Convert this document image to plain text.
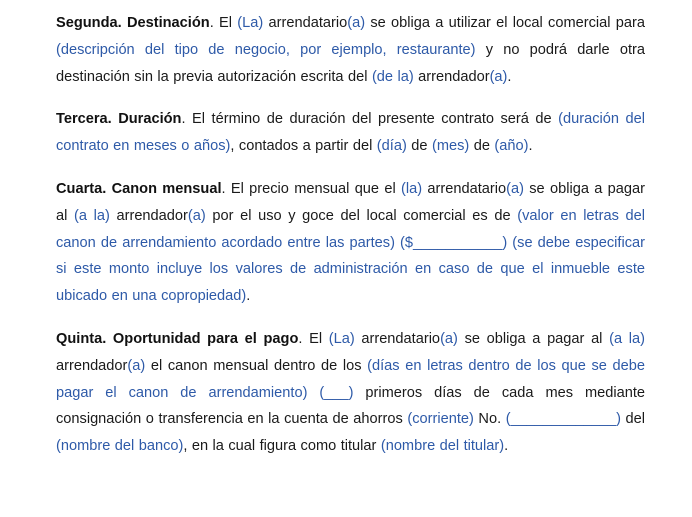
Segunda. Destinación. El (La) arrendatario(a) se obliga a utilizar el local comercial para (descripción del tipo de negocio, por ejemplo, restaurante) y no podrá darle otra destinación sin la previa autorización escrita del (de la) arrendador(a).

Tercera. Duración. El término de duración del presente contrato será de (duración del contrato en meses o años), contados a partir del (día) de (mes) de (año).

Cuarta. Canon mensual. El precio mensual que el (la) arrendatario(a) se obliga a pagar al (a la) arrendador(a) por el uso y goce del local comercial es de (valor en letras del canon de arrendamiento acordado entre las partes) ($___________) (se debe especificar si este monto incluye los valores de administración en caso de que el inmueble este ubicado en una copropiedad).

Quinta. Oportunidad para el pago. El (La) arrendatario(a) se obliga a pagar al (a la) arrendador(a) el canon mensual dentro de los (días en letras dentro de los que se debe pagar el canon de arrendamiento) (___) primeros días de cada mes mediante consignación o transferencia en la cuenta de ahorros (corriente) No. (_____________) del (nombre del banco), en la cual figura como titular (nombre del titular).
